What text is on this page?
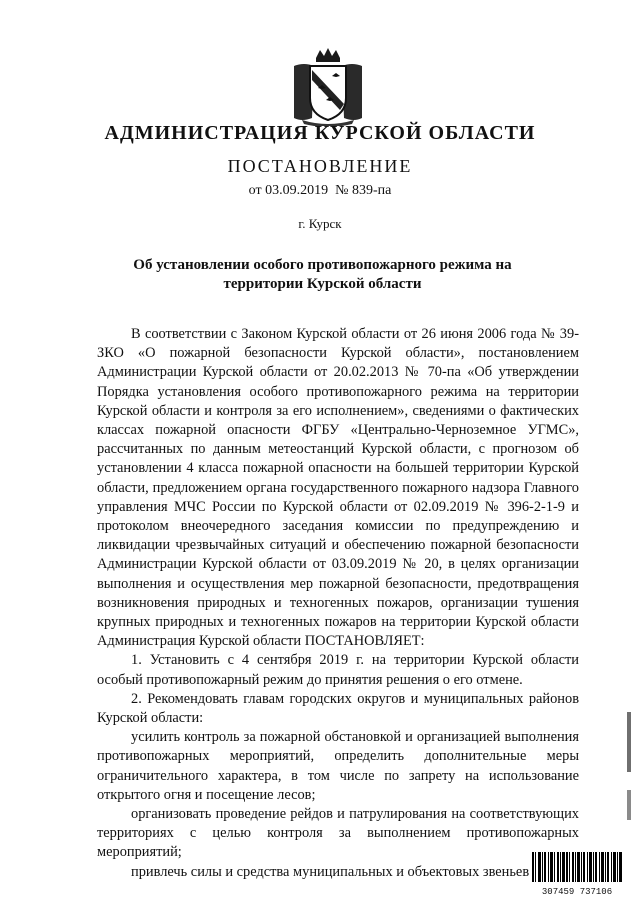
АДМИНИСТРАЦИЯ КУРСКОЙ ОБЛАСТИ
ПОСТАНОВЛЕНИЕ
от 03.09.2019 № 839-па
г. Курск
Об установлении особого противопожарного режима на территории Курской области

В соответствии с Законом Курской области от 26 июня 2006 года № 39-ЗКО «О пожарной безопасности Курской области», постановлением Администрации Курской области от 20.02.2013 № 70-па «Об утверждении Порядка установления особого противопожарного режима на территории Курской области и контроля за его исполнением», сведениями о фактических классах пожарной опасности ФГБУ «Центрально-Черноземное УГМС», рассчитанных по данным метеостанций Курской области, с прогнозом об установлении 4 класса пожарной опасности на большей территории Курской области, предложением органа государственного пожарного надзора Главного управления МЧС России по Курской области от 02.09.2019 № 396-2-1-9 и протоколом внеочередного заседания комиссии по предупреждению и ликвидации чрезвычайных ситуаций и обеспечению пожарной безопасности Администрации Курской области от 03.09.2019 № 20, в целях организации выполнения и осуществления мер пожарной безопасности, предотвращения возникновения природных и техногенных пожаров, организации тушения крупных природных и техногенных пожаров на территории Курской области Администрация Курской области ПОСТАНОВЛЯЕТ:

1. Установить с 4 сентября 2019 г. на территории Курской области особый противопожарный режим до принятия решения о его отмене.

2. Рекомендовать главам городских округов и муниципальных районов Курской области:

усилить контроль за пожарной обстановкой и организацией выполнения противопожарных мероприятий, определить дополнительные меры ограничительного характера, в том числе по запрету на использование открытого огня и посещение лесов;

организовать проведение рейдов и патрулирования на соответствующих территориях с целью контроля за выполнением противопожарных мероприятий;

привлечь силы и средства муниципальных и объектовых звеньев

307459 737106
